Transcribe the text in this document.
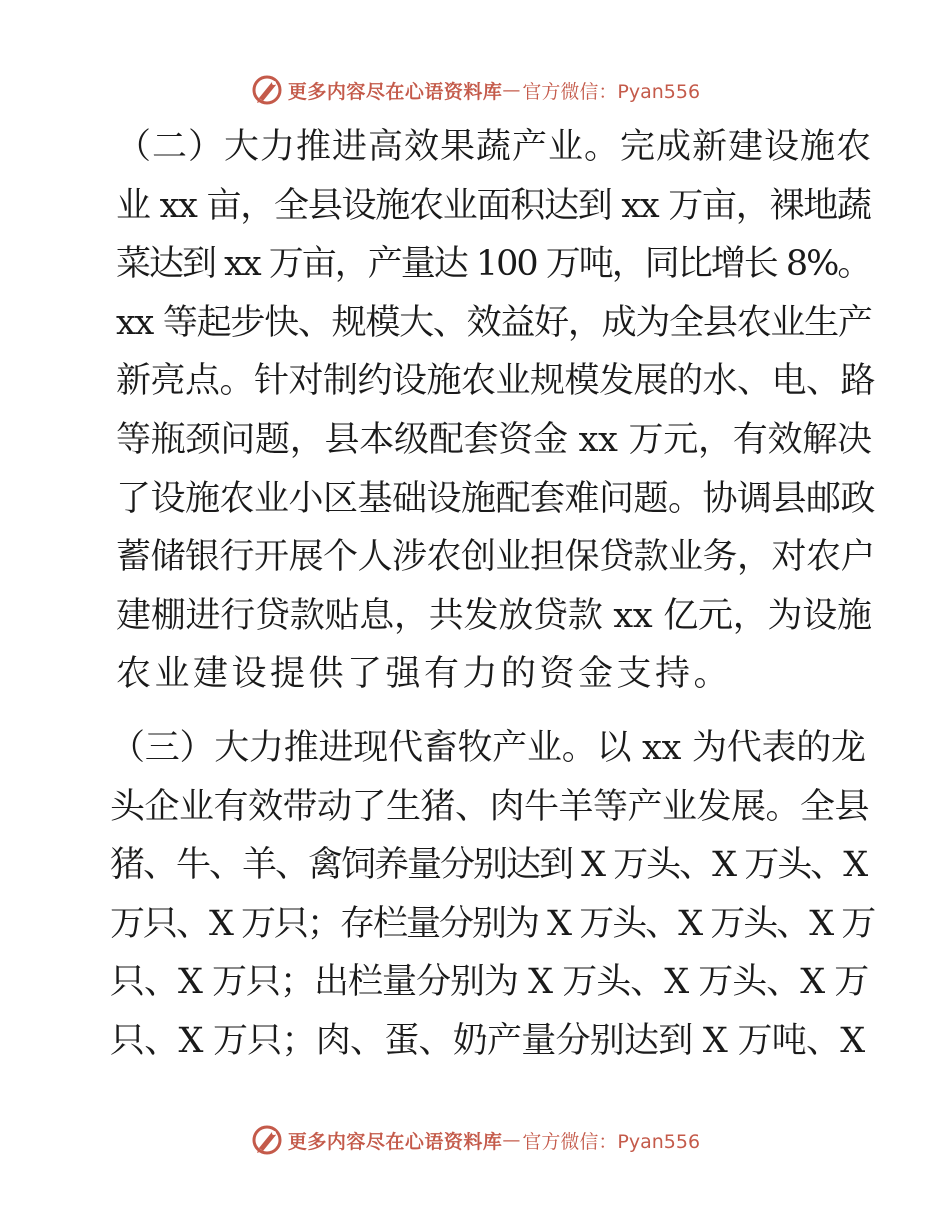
更多内容尽在心语资料库 — 官方微信：Pyan556

（二）大力推进高效果蔬产业。完成新建设施农
业 xx 亩，全县设施农业面积达到 xx 万亩，裸地蔬
菜达到 xx 万亩，产量达 100 万吨，同比增长 8%。
xx 等起步快、规模大、效益好，成为全县农业生产
新亮点。针对制约设施农业规模发展的水、电、路
等瓶颈问题，县本级配套资金 xx 万元，有效解决
了设施农业小区基础设施配套难问题。协调县邮政
蓄储银行开展个人涉农创业担保贷款业务，对农户
建棚进行贷款贴息，共发放贷款 xx 亿元，为设施
农业建设提供了强有力的资金支持。

（三）大力推进现代畜牧产业。以 xx 为代表的龙
头企业有效带动了生猪、肉牛羊等产业发展。全县
猪、牛、羊、禽饲养量分别达到 X 万头、X 万头、X
万只、X 万只；存栏量分别为 X 万头、X 万头、X 万
只、X 万只；出栏量分别为 X 万头、X 万头、X 万
只、X 万只；肉、蛋、奶产量分别达到 X 万吨、X

更多内容尽在心语资料库 — 官方微信：Pyan556
